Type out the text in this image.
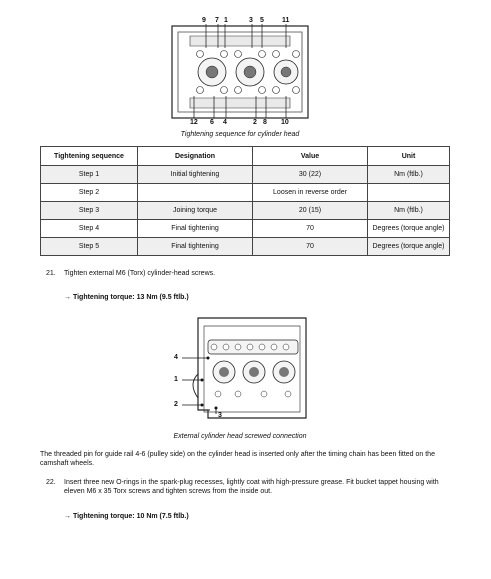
9 7 1	3 5	11
12 6 4	2 8 10
Tightening sequence for cylinder head
Tightening sequence	Designation	Value	Unit
Step 1	Initial tightening	30 (22)	Nm (ftlb.)
Step 2		Loosen in reverse order	
Step 3	Joining torque	20 (15)	Nm (ftlb.)
Step 4	Final tightening	70	Degrees (torque angle)
Step 5	Final tightening	70	Degrees (torque angle)
21. Tighten external M6 (Torx) cylinder-head screws.
→ Tightening torque: 13 Nm (9.5 ftlb.)
4
1
2
3
External cylinder head screwed connection
The threaded pin for guide rail 4-6 (pulley side) on the cylinder head is inserted only after the timing chain has been fitted on the camshaft wheels.
22. Insert three new O-rings in the spark-plug recesses, lightly coat with high-pressure grease. Fit bucket tappet housing with eleven M6 x 35 Torx screws and tighten screws from the inside out.
→ Tightening torque: 10 Nm (7.5 ftlb.)
